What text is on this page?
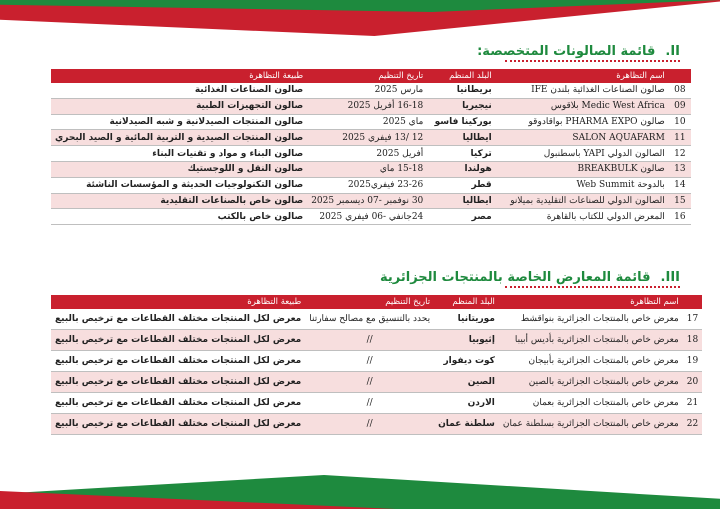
II.قائمة الصالونات المتخصصة:
	اسم التظاهرة	البلد المنظم	تاريخ التنظيم	طبيعة التظاهرة
08	صالون الصناعات الغذائية بلندن IFE	بريطانيا	مارس 2025	صالون الصناعات الغذائية
09	Medic West Africa بلاقوس	نيجيريا	16-18 أفريل 2025	صالون التجهيزات الطبية
10	صالون PHARMA EXPO بواقادوقو	بوركينا فاسو	ماي 2025	صالون المنتجات الصيدلانية و شبه الصيدلانية
11	SALON AQUAFARM	ايطاليا	12 /13 فيفري 2025	صالون المنتجات الصيدية و التربية المائية و الصيد البحري
12	الصالون الدولي YAPI باسطنبول	تركيا	أفريل 2025	صالون البناء و مواد و تقنيات البناء
13	صالون BREAKBULK	هولندا	15-18 ماي	صالون النقل و اللوجستيك
14	بالدوحة Web Summit	قطر	23-26 فيفري2025	صالون التكنولوجيات الحديثة و المؤسسات الناشئة
15	الصالون الدولي للصناعات التقليدية بميلانو	ايطاليا	30 نوفمبر -07 ديسمبر 2025	صالون خاص بالصناعات التقليدية
16	المعرض الدولي للكتاب بالقاهرة	مصر	24جانفي -06 فيفري 2025	صالون خاص بالكتب
III.قائمة المعارض الخاصة بالمنتجات الجزائرية
	اسم التظاهرة	البلد المنظم	تاريخ التنظيم	طبيعة التظاهرة
17	معرض خاص بالمنتجات الجزائرية بنواقشط	موريتانيا	يحدد بالتنسيق مع مصالح سفارتنا	معرض لكل المنتجات مختلف القطاعات مع ترخيص بالبيع
18	معرض خاص بالمنتجات الجزائرية بأديس أبيبا	إثيوبيا	//	معرض لكل المنتجات مختلف القطاعات مع ترخيص بالبيع
19	معرض خاص بالمنتجات الجزائرية بأبيجان	كوت ديفوار	//	معرض لكل المنتجات مختلف القطاعات مع ترخيص بالبيع
20	معرض خاص بالمنتجات الجزائرية بالصين	الصين	//	معرض لكل المنتجات مختلف القطاعات مع ترخيص بالبيع
21	معرض خاص بالمنتجات الجزائرية بعمان	الاردن	//	معرض لكل المنتجات مختلف القطاعات مع ترخيص بالبيع
22	معرض خاص بالمنتجات الجزائرية بسلطنة عمان	سلطنة عمان	//	معرض لكل المنتجات مختلف القطاعات مع ترخيص بالبيع
